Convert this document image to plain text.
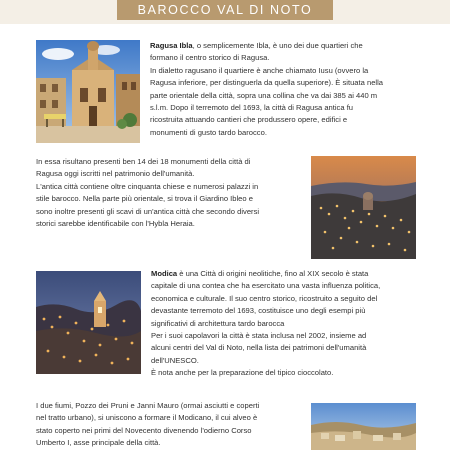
BAROCCO VAL DI NOTO

Ragusa Ibla, o semplicemente Ibla, è uno dei due quartieri che
formano il centro storico di Ragusa.
In dialetto ragusano il quartiere è anche chiamato Iusu (ovvero la
Ragusa inferiore, per distinguerla da quella superiore). È situata nella
parte orientale della città, sopra una collina che va dai 385 ai 440 m
s.l.m. Dopo il terremoto del 1693, la città di Ragusa antica fu
ricostruita attuando cantieri che produssero opere, edifici e
monumenti di gusto tardo barocco.

In essa risultano presenti ben 14 dei 18 monumenti della città di
Ragusa oggi iscritti nel patrimonio dell'umanità.
L'antica città contiene oltre cinquanta chiese e numerosi palazzi in
stile barocco. Nella parte più orientale, si trova il Giardino Ibleo e
sono inoltre presenti gli scavi di un'antica città che secondo diversi
storici sarebbe identificabile con l'Hybla Heraia.

Modica è una Città di origini neolitiche, fino al XIX secolo è stata
capitale di una contea che ha esercitato una vasta influenza politica,
economica e culturale. Il suo centro storico, ricostruito a seguito del
devastante terremoto del 1693, costituisce uno degli esempi più
significativi di architettura tardo barocca
Per i suoi capolavori la città è stata inclusa nel 2002, insieme ad
alcuni centri del Val di Noto, nella lista dei patrimoni dell'umanità
dell'UNESCO.
È nota anche per la preparazione del tipico cioccolato.

I due fiumi, Pozzo dei Pruni e Janni Mauro (ormai asciutti e coperti
nel tratto urbano), si uniscono a formare il Modicano, il cui alveo è
stato coperto nei primi del Novecento divenendo l'odierno Corso
Umberto I, asse principale della città.
